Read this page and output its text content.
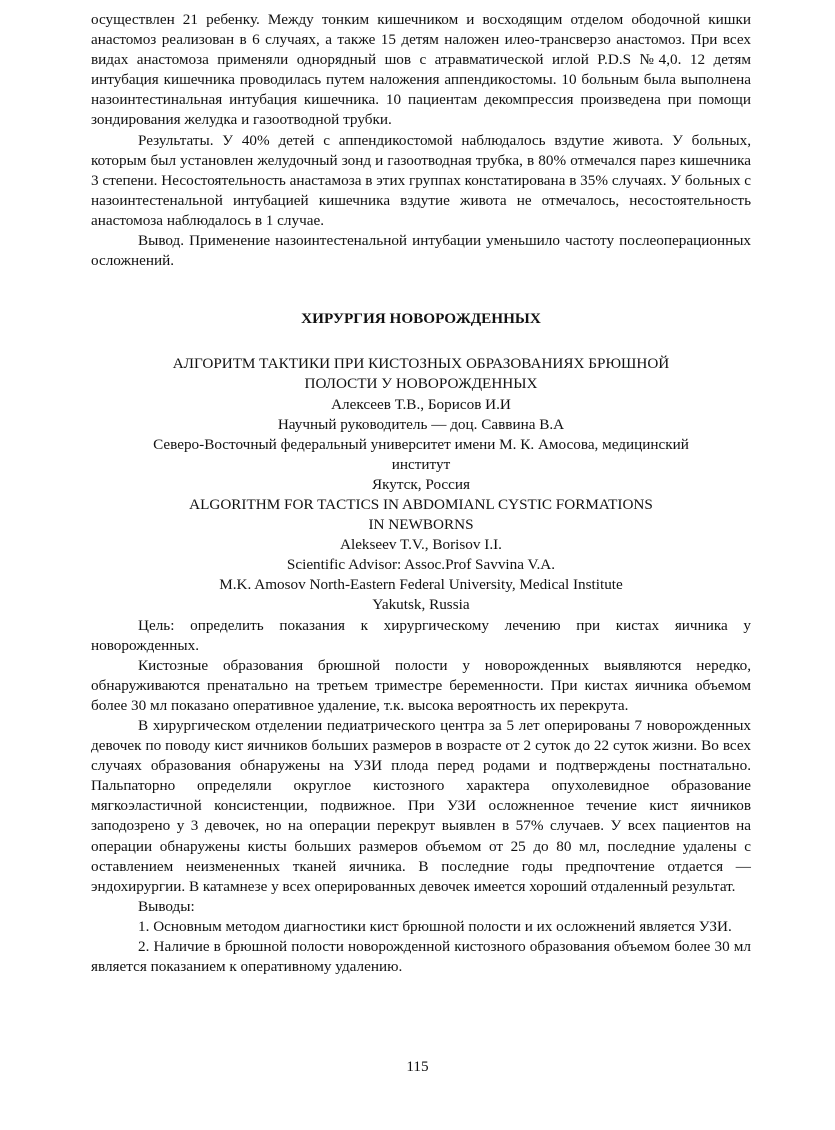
осуществлен 21 ребенку. Между тонким кишечником и восходящим отделом ободочной кишки анастомоз реализован в 6 случаях, а также 15 детям наложен илео-трансверзо анастомоз. При всех видах анастомоза применяли однорядный шов с атравматической иглой P.D.S №4,0. 12 детям интубация кишечника проводилась путем наложения аппендикостомы. 10 больным была выполнена назоинтестинальная интубация кишечника. 10 пациентам декомпрессия произведена при помощи зондирования желудка и газоотводной трубки.

Результаты. У 40% детей с аппендикостомой наблюдалось вздутие живота. У больных, которым был установлен желудочный зонд и газоотводная трубка, в 80% отмечался парез кишечника 3 степени. Несостоятельность анастамоза в этих группах констатирована в 35% случаях. У больных с назоинтестенальной интубацией кишечника вздутие живота не отмечалось, несостоятельность анастомоза наблюдалось в 1 случае.

Вывод. Применение назоинтестенальной интубации уменьшило частоту послеоперационных осложнений.

ХИРУРГИЯ НОВОРОЖДЕННЫХ
АЛГОРИТМ ТАКТИКИ ПРИ КИСТОЗНЫХ ОБРАЗОВАНИЯХ БРЮШНОЙ
ПОЛОСТИ У НОВОРОЖДЕННЫХ
Алексеев Т.В., Борисов И.И
Научный руководитель — доц. Саввина В.А
Северо-Восточный федеральный университет имени М. К. Амосова, медицинский
институт
Якутск, Россия
ALGORITHM FOR TACTICS IN ABDOMIANL CYSTIC FORMATIONS
IN NEWBORNS
Alekseev T.V., Borisov I.I.
Scientific Advisor: Assoc.Prof Savvina V.A.
M.K. Amosov North-Eastern Federal University, Medical Institute
Yakutsk, Russia

Цель: определить показания к хирургическому лечению при кистах яичника у новорожденных.

Кистозные образования брюшной полости у новорожденных выявляются нередко, обнаруживаются пренатально на третьем триместре беременности. При кистах яичника объемом более 30 мл показано оперативное удаление, т.к. высока вероятность их перекрута.

В хирургическом отделении педиатрического центра за 5 лет оперированы 7 новорожденных девочек по поводу кист яичников больших размеров в возрасте от 2 суток до 22 суток жизни. Во всех случаях образования обнаружены на УЗИ плода перед родами и подтверждены постнатально. Пальпаторно определяли округлое кистозного характера опухолевидное образование мягкоэластичной консистенции, подвижное. При УЗИ осложненное течение кист яичников заподозрено у 3 девочек, но на операции перекрут выявлен в 57% случаев. У всех пациентов на операции обнаружены кисты больших размеров объемом от 25 до 80 мл, последние удалены с оставлением неизмененных тканей яичника. В последние годы предпочтение отдается — эндохирургии. В катамнезе у всех оперированных девочек имеется хороший отдаленный результат.

Выводы:

1. Основным методом диагностики кист брюшной полости и их осложнений является УЗИ.

2. Наличие в брюшной полости новорожденной кистозного образования объемом более 30 мл является показанием к оперативному удалению.

115
